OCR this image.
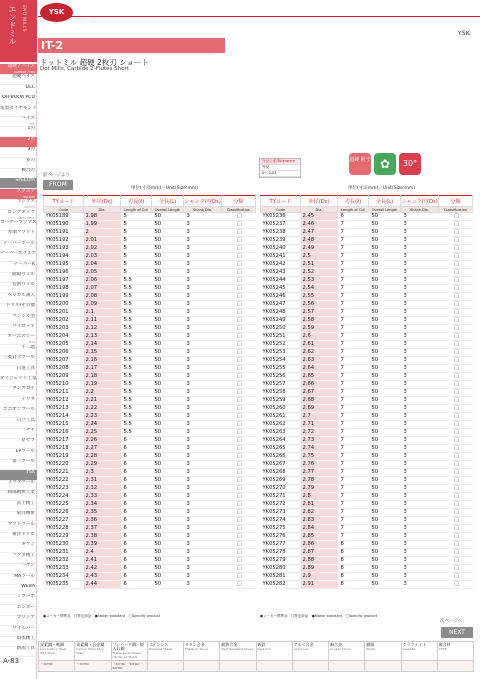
エンドミル END MILLS
超硬 / ハイス
CARBIDE / HSS
超硬ハイス
DLC
OH-BOOA PCD
電着ダイヤモンド
ハイス
HSS
1刃
2刃
3刃
多刃
複合刃
SPEEDIA
スクエア
SQUARE
ラジアス
RADIUS
ロングネック
LONG NECK
コーナーラジアス
先端フラット
テーパーボール
テーパースクエア
テーパーR
面取りミル
荒削りミル
ヘリカル溝入
ドリル/その他
ペンシル型
パイロット
オーエスジー
OSG
不二越
三菱日立ツール
日進工具
ダイジェット工業
タンガロイ
イワタ
ユニオンツール
日立工具
ナチ
京セラ
EPツール
第一ツール
YSK
イワタツール
岡部精密工業
富士精工
東洋精密
マコトツール
東洋ドリル
ギケン
フクダ精工
ハヤシ
MAツール
WEBA
ミラーボ
エンヨー
プリシア
ウイルバー
山本精工
新潟工具
A-83
YSK
YSK
IT-2
ドットミル 超硬 2枚刃 ショート
Dot Mills, Carbide 2-Flutes Short
外径公差/Tolerance
外径
0~-0.03
超硬 粒子 ✿	30°
前ページより
FROM
単位(寸法mm)／Unit(Size:mm)	単位(寸法mm)／Unit(Size:mm)
TYコード	外径(Dc)	刃長(ℓ)	全長(L)	シャンク径(Ds)	分類
Code	Dia.	Length of Cut	Overall Length	Shank Dia.	Classification
YK05189	1.98	5	50	3	□
YK05190	1.99	5	50	3	□
YK05191	2	5	50	3	□
YK05192	2.01	5	50	3	□
YK05193	2.02	5	50	3	□
YK05194	2.03	5	50	3	□
YK05195	2.04	5	50	3	□
YK05196	2.05	5	50	3	□
YK05197	2.06	5.5	50	3	□
YK05198	2.07	5.5	50	3	□
YK05199	2.08	5.5	50	3	□
YK05200	2.09	5.5	50	3	□
YK05201	2.1	5.5	50	3	□
YK05202	2.11	5.5	50	3	□
YK05203	2.12	5.5	50	3	□
YK05204	2.13	5.5	50	3	□
YK05205	2.14	5.5	50	3	□
YK05206	2.15	5.5	50	3	□
YK05207	2.16	5.5	50	3	□
YK05208	2.17	5.5	50	3	□
YK05209	2.18	5.5	50	3	□
YK05210	2.19	5.5	50	3	□
YK05211	2.2	5.5	50	3	□
YK05212	2.21	5.5	50	3	□
YK05213	2.22	5.5	50	3	□
YK05214	2.23	5.5	50	3	□
YK05215	2.24	5.5	50	3	□
YK05216	2.25	5.5	50	3	□
YK05217	2.26	6	50	3	□
YK05218	2.27	6	50	3	□
YK05219	2.28	6	50	3	□
YK05220	2.29	6	50	3	□
YK05221	2.3	6	50	3	□
YK05222	2.31	6	50	3	□
YK05223	2.32	6	50	3	□
YK05224	2.33	6	50	3	□
YK05225	2.34	6	50	3	□
YK05226	2.35	6	50	3	□
YK05227	2.36	6	50	3	□
YK05228	2.37	6	50	3	□
YK05229	2.38	6	50	3	□
YK05230	2.39	6	50	3	□
YK05231	2.4	6	50	3	□
YK05232	2.41	6	50	3	□
YK05233	2.42	6	50	3	□
YK05234	2.43	6	50	3	□
YK05235	2.44	6	50	3	□
TYコード	外径(Dc)	刃長(ℓ)	全長(L)	シャンク径(Ds)	分類
Code	Dia.	Length of Cut	Overall Length	Shank Dia.	Classification
YK05236	2.45	6	50	3	□
YK05237	2.46	7	50	3	□
YK05238	2.47	7	50	3	□
YK05239	2.48	7	50	3	□
YK05240	2.49	7	50	3	□
YK05241	2.5	7	50	3	□
YK05242	2.51	7	50	3	□
YK05243	2.52	7	50	3	□
YK05244	2.53	7	50	3	□
YK05245	2.54	7	50	3	□
YK05246	2.55	7	50	3	□
YK05247	2.56	7	50	3	□
YK05248	2.57	7	50	3	□
YK05249	2.58	7	50	3	□
YK05250	2.59	7	50	3	□
YK05251	2.6	7	50	3	□
YK05252	2.61	7	50	3	□
YK05253	2.62	7	50	3	□
YK05254	2.63	7	50	3	□
YK05255	2.64	7	50	3	□
YK05256	2.65	7	50	3	□
YK05257	2.66	7	50	3	□
YK05258	2.67	7	50	3	□
YK05259	2.68	7	50	3	□
YK05260	2.69	7	50	3	□
YK05261	2.7	7	50	3	□
YK05262	2.71	7	50	3	□
YK05263	2.72	7	50	3	□
YK05264	2.73	7	50	3	□
YK05265	2.74	7	50	3	□
YK05266	2.75	7	50	3	□
YK05267	2.76	7	50	3	□
YK05268	2.77	7	50	3	□
YK05269	2.78	7	50	3	□
YK05270	2.79	7	50	3	□
YK05271	2.8	7	50	3	□
YK05272	2.81	7	50	3	□
YK05273	2.82	7	50	3	□
YK05274	2.83	7	50	3	□
YK05275	2.84	7	50	3	□
YK05276	2.85	7	50	3	□
YK05277	2.86	8	50	3	□
YK05278	2.87	8	50	3	□
YK05279	2.88	8	50	3	□
YK05280	2.89	8	50	3	□
YK05281	2.9	8	50	3	□
YK05282	2.91	8	50	3	□
●メーカー標準品　□特定商品　●Maker standard　□Specific product	●メーカー標準品　□特定商品　●Maker standard　□Specific product
次ページへ
NEXT
炭素鋼・軟鋼
Low Carbon Steel Mild Steel	炭素鋼・合金鋼
Carbon Steel Alloy Steel	プレハード鋼・焼入れ鋼
Prehardened Steels Hardened Steels	ステンレス
Stainless Steels	チタン合金
Titanium Alloys	耐熱合金
Heat Resistant Alloys	鋳鉄
Cast Iron	アルミ合金
Aluminum	銅合金
Copper Alloys	樹脂
Plastic	グラファイト
Graphite	複合材
CFRP

〜30HRC	〜30HRC	〜40HRC 〜50HRC 〜60HRC									
